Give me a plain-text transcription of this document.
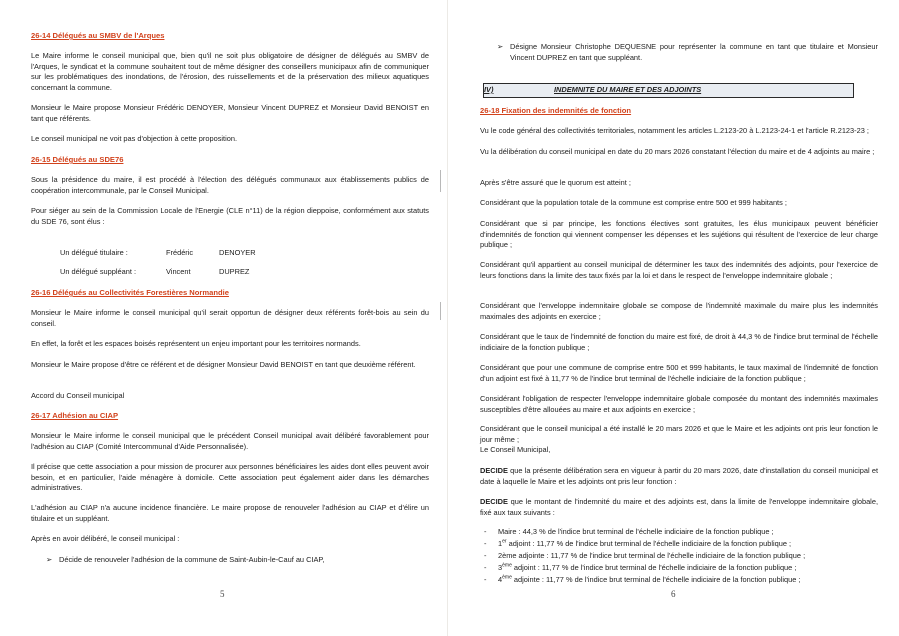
26-14 Délégués au SMBV de l'Arques

Le Maire informe le conseil municipal que, bien qu'il ne soit plus obligatoire de désigner de délégués au SMBV de l'Arques, le syndicat et la commune souhaitent tout de même désigner des conseillers municipaux afin de communiquer sur les problématiques des inondations, de l'érosion, des ruissellements et de la préservation des milieux aquatiques concernant la commune.

Monsieur le Maire propose Monsieur Frédéric DENOYER, Monsieur Vincent DUPREZ et Monsieur David BENOIST en tant que référents.

Le conseil municipal ne voit pas d'objection à cette proposition.

26-15 Délégués au SDE76

Sous la présidence du maire, il est procédé à l'élection des délégués communaux aux établissements publics de coopération intercommunale, par le Conseil Municipal.

Pour siéger au sein de la Commission Locale de l'Energie (CLE n°11) de la région dieppoise, conformément aux statuts du SDE 76, sont élus :

Un délégué titulaire :	Frédéric	DENOYER
Un délégué suppléant :	Vincent	DUPREZ

26-16 Délégués au Collectivités Forestières Normandie

Monsieur le Maire informe le conseil municipal qu'il serait opportun de désigner deux référents forêt-bois au sein du conseil.

En effet, la forêt et les espaces boisés représentent un enjeu important pour les territoires normands.

Monsieur le Maire propose d'être ce référent et de désigner Monsieur David BENOIST en tant que deuxième référent.

Accord du Conseil municipal

26-17 Adhésion au CIAP

Monsieur le Maire informe le conseil municipal que le précédent Conseil municipal avait délibéré favorablement pour l'adhésion au CIAP (Comité Intercommunal d'Aide Personnalisée).

Il précise que cette association a pour mission de procurer aux personnes bénéficiaires les aides dont elles peuvent avoir besoin, et en particulier, l'aide ménagère à domicile. Cette association peut également aider dans les démarches administratives.

L'adhésion au CIAP n'a aucune incidence financière. Le maire propose de renouveler l'adhésion au CIAP et d'élire un titulaire et un suppléant.

Après en avoir délibéré, le conseil municipal :

➢ Décide de renouveler l'adhésion de la commune de Saint-Aubin-le-Cauf au CIAP,

5
➢ Désigne Monsieur Christophe DEQUESNE pour représenter la commune en tant que titulaire et Monsieur Vincent DUPREZ en tant que suppléant.

IV)	INDEMNITE DU MAIRE ET DES ADJOINTS

26-18 Fixation des indemnités de fonction

Vu le code général des collectivités territoriales, notamment les articles L.2123-20 à L.2123-24-1 et l'article R.2123-23 ;

Vu la délibération du conseil municipal en date du 20 mars 2026 constatant l'élection du maire et de 4 adjoints au maire ;

Après s'être assuré que le quorum est atteint ;

Considérant que la population totale de la commune est comprise entre 500 et 999 habitants ;

Considérant que si par principe, les fonctions électives sont gratuites, les élus municipaux peuvent bénéficier d'indemnités de fonction qui viennent compenser les dépenses et les sujétions qui résultent de l'exercice de leur charge publique ;

Considérant qu'il appartient au conseil municipal de déterminer les taux des indemnités des adjoints, pour l'exercice de leurs fonctions dans la limite des taux fixés par la loi et dans le respect de l'enveloppe indemnitaire globale ;

Considérant que l'enveloppe indemnitaire globale se compose de l'indemnité maximale du maire plus les indemnités maximales des adjoints en exercice ;

Considérant que le taux de l'indemnité de fonction du maire est fixé, de droit à 44,3 % de l'indice brut terminal de l'échelle indiciaire de la fonction publique ;

Considérant que pour une commune de comprise entre 500 et 999 habitants, le taux maximal de l'indemnité de fonction d'un adjoint est fixé à 11,77 % de l'indice brut terminal de l'échelle indiciaire de la fonction publique ;

Considérant l'obligation de respecter l'enveloppe indemnitaire globale composée du montant des indemnités maximales susceptibles d'être allouées au maire et aux adjoints en exercice ;

Considérant que le conseil municipal a été installé le 20 mars 2026 et que le Maire et les adjoints ont pris leur fonction le jour même ;

Le Conseil Municipal,

DECIDE que la présente délibération sera en vigueur à partir du 20 mars 2026, date d'installation du conseil municipal et date à laquelle le Maire et les adjoints ont pris leur fonction :

DECIDE que le montant de l'indemnité du maire et des adjoints est, dans la limite de l'enveloppe indemnitaire globale, fixé aux taux suivants :

- Maire : 44,3 % de l'indice brut terminal de l'échelle indiciaire de la fonction publique ;

- 1er adjoint : 11,77 % de l'indice brut terminal de l'échelle indiciaire de la fonction publique ;

- 2ème adjointe : 11,77 % de l'indice brut terminal de l'échelle indiciaire de la fonction publique ;

- 3ème adjoint : 11,77 % de l'indice brut terminal de l'échelle indiciaire de la fonction publique ;

- 4ème adjointe : 11,77 % de l'indice brut terminal de l'échelle indiciaire de la fonction publique ;

6
